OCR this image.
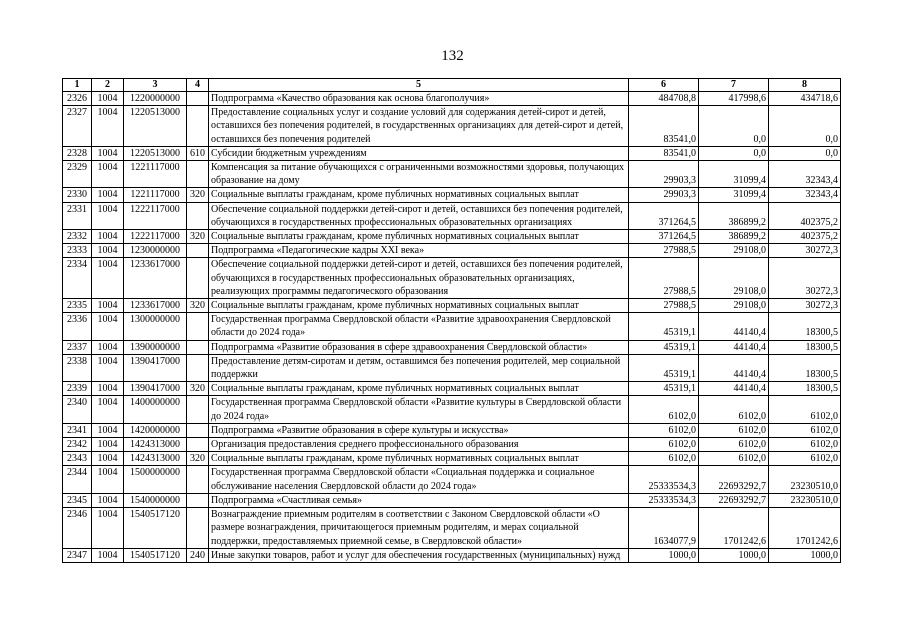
132
1	2	3	4	5	6	7	8
2326	1004	1220000000		Подпрограмма «Качество образования как основа благополучия»	484708,8	417998,6	434718,6
2327	1004	1220513000		Предоставление социальных услуг и создание условий для содержания детей-сирот и детей, оставшихся без попечения родителей, в государственных организациях для детей-сирот и детей, оставшихся без попечения родителей	83541,0	0,0	0,0
2328	1004	1220513000	610	Субсидии бюджетным учреждениям	83541,0	0,0	0,0
2329	1004	1221117000		Компенсация за питание обучающихся с ограниченными возможностями здоровья, получающих образование на дому	29903,3	31099,4	32343,4
2330	1004	1221117000	320	Социальные выплаты гражданам, кроме публичных нормативных социальных выплат	29903,3	31099,4	32343,4
2331	1004	1222117000		Обеспечение социальной поддержки детей-сирот и детей, оставшихся без попечения родителей, обучающихся в государственных профессиональных образовательных организациях	371264,5	386899,2	402375,2
2332	1004	1222117000	320	Социальные выплаты гражданам, кроме публичных нормативных социальных выплат	371264,5	386899,2	402375,2
2333	1004	1230000000		Подпрограмма «Педагогические кадры XXI века»	27988,5	29108,0	30272,3
2334	1004	1233617000		Обеспечение социальной поддержки детей-сирот и детей, оставшихся без попечения родителей, обучающихся в государственных профессиональных образовательных организациях, реализующих программы педагогического образования	27988,5	29108,0	30272,3
2335	1004	1233617000	320	Социальные выплаты гражданам, кроме публичных нормативных социальных выплат	27988,5	29108,0	30272,3
2336	1004	1300000000		Государственная программа Свердловской области «Развитие здравоохранения Свердловской области до 2024 года»	45319,1	44140,4	18300,5
2337	1004	1390000000		Подпрограмма «Развитие образования в сфере здравоохранения Свердловской области»	45319,1	44140,4	18300,5
2338	1004	1390417000		Предоставление детям-сиротам и детям, оставшимся без попечения родителей, мер социальной поддержки	45319,1	44140,4	18300,5
2339	1004	1390417000	320	Социальные выплаты гражданам, кроме публичных нормативных социальных выплат	45319,1	44140,4	18300,5
2340	1004	1400000000		Государственная программа Свердловской области «Развитие культуры в Свердловской области до 2024 года»	6102,0	6102,0	6102,0
2341	1004	1420000000		Подпрограмма «Развитие образования в сфере культуры и искусства»	6102,0	6102,0	6102,0
2342	1004	1424313000		Организация предоставления среднего профессионального образования	6102,0	6102,0	6102,0
2343	1004	1424313000	320	Социальные выплаты гражданам, кроме публичных нормативных социальных выплат	6102,0	6102,0	6102,0
2344	1004	1500000000		Государственная программа Свердловской области «Социальная поддержка и социальное обслуживание населения Свердловской области до 2024 года»	25333534,3	22693292,7	23230510,0
2345	1004	1540000000		Подпрограмма «Счастливая семья»	25333534,3	22693292,7	23230510,0
2346	1004	1540517120		Вознаграждение приемным родителям в соответствии с Законом Свердловской области «О размере вознаграждения, причитающегося приемным родителям, и мерах социальной поддержки, предоставляемых приемной семье, в Свердловской области»	1634077,9	1701242,6	1701242,6
2347	1004	1540517120	240	Иные закупки товаров, работ и услуг для обеспечения государственных (муниципальных) нужд	1000,0	1000,0	1000,0
